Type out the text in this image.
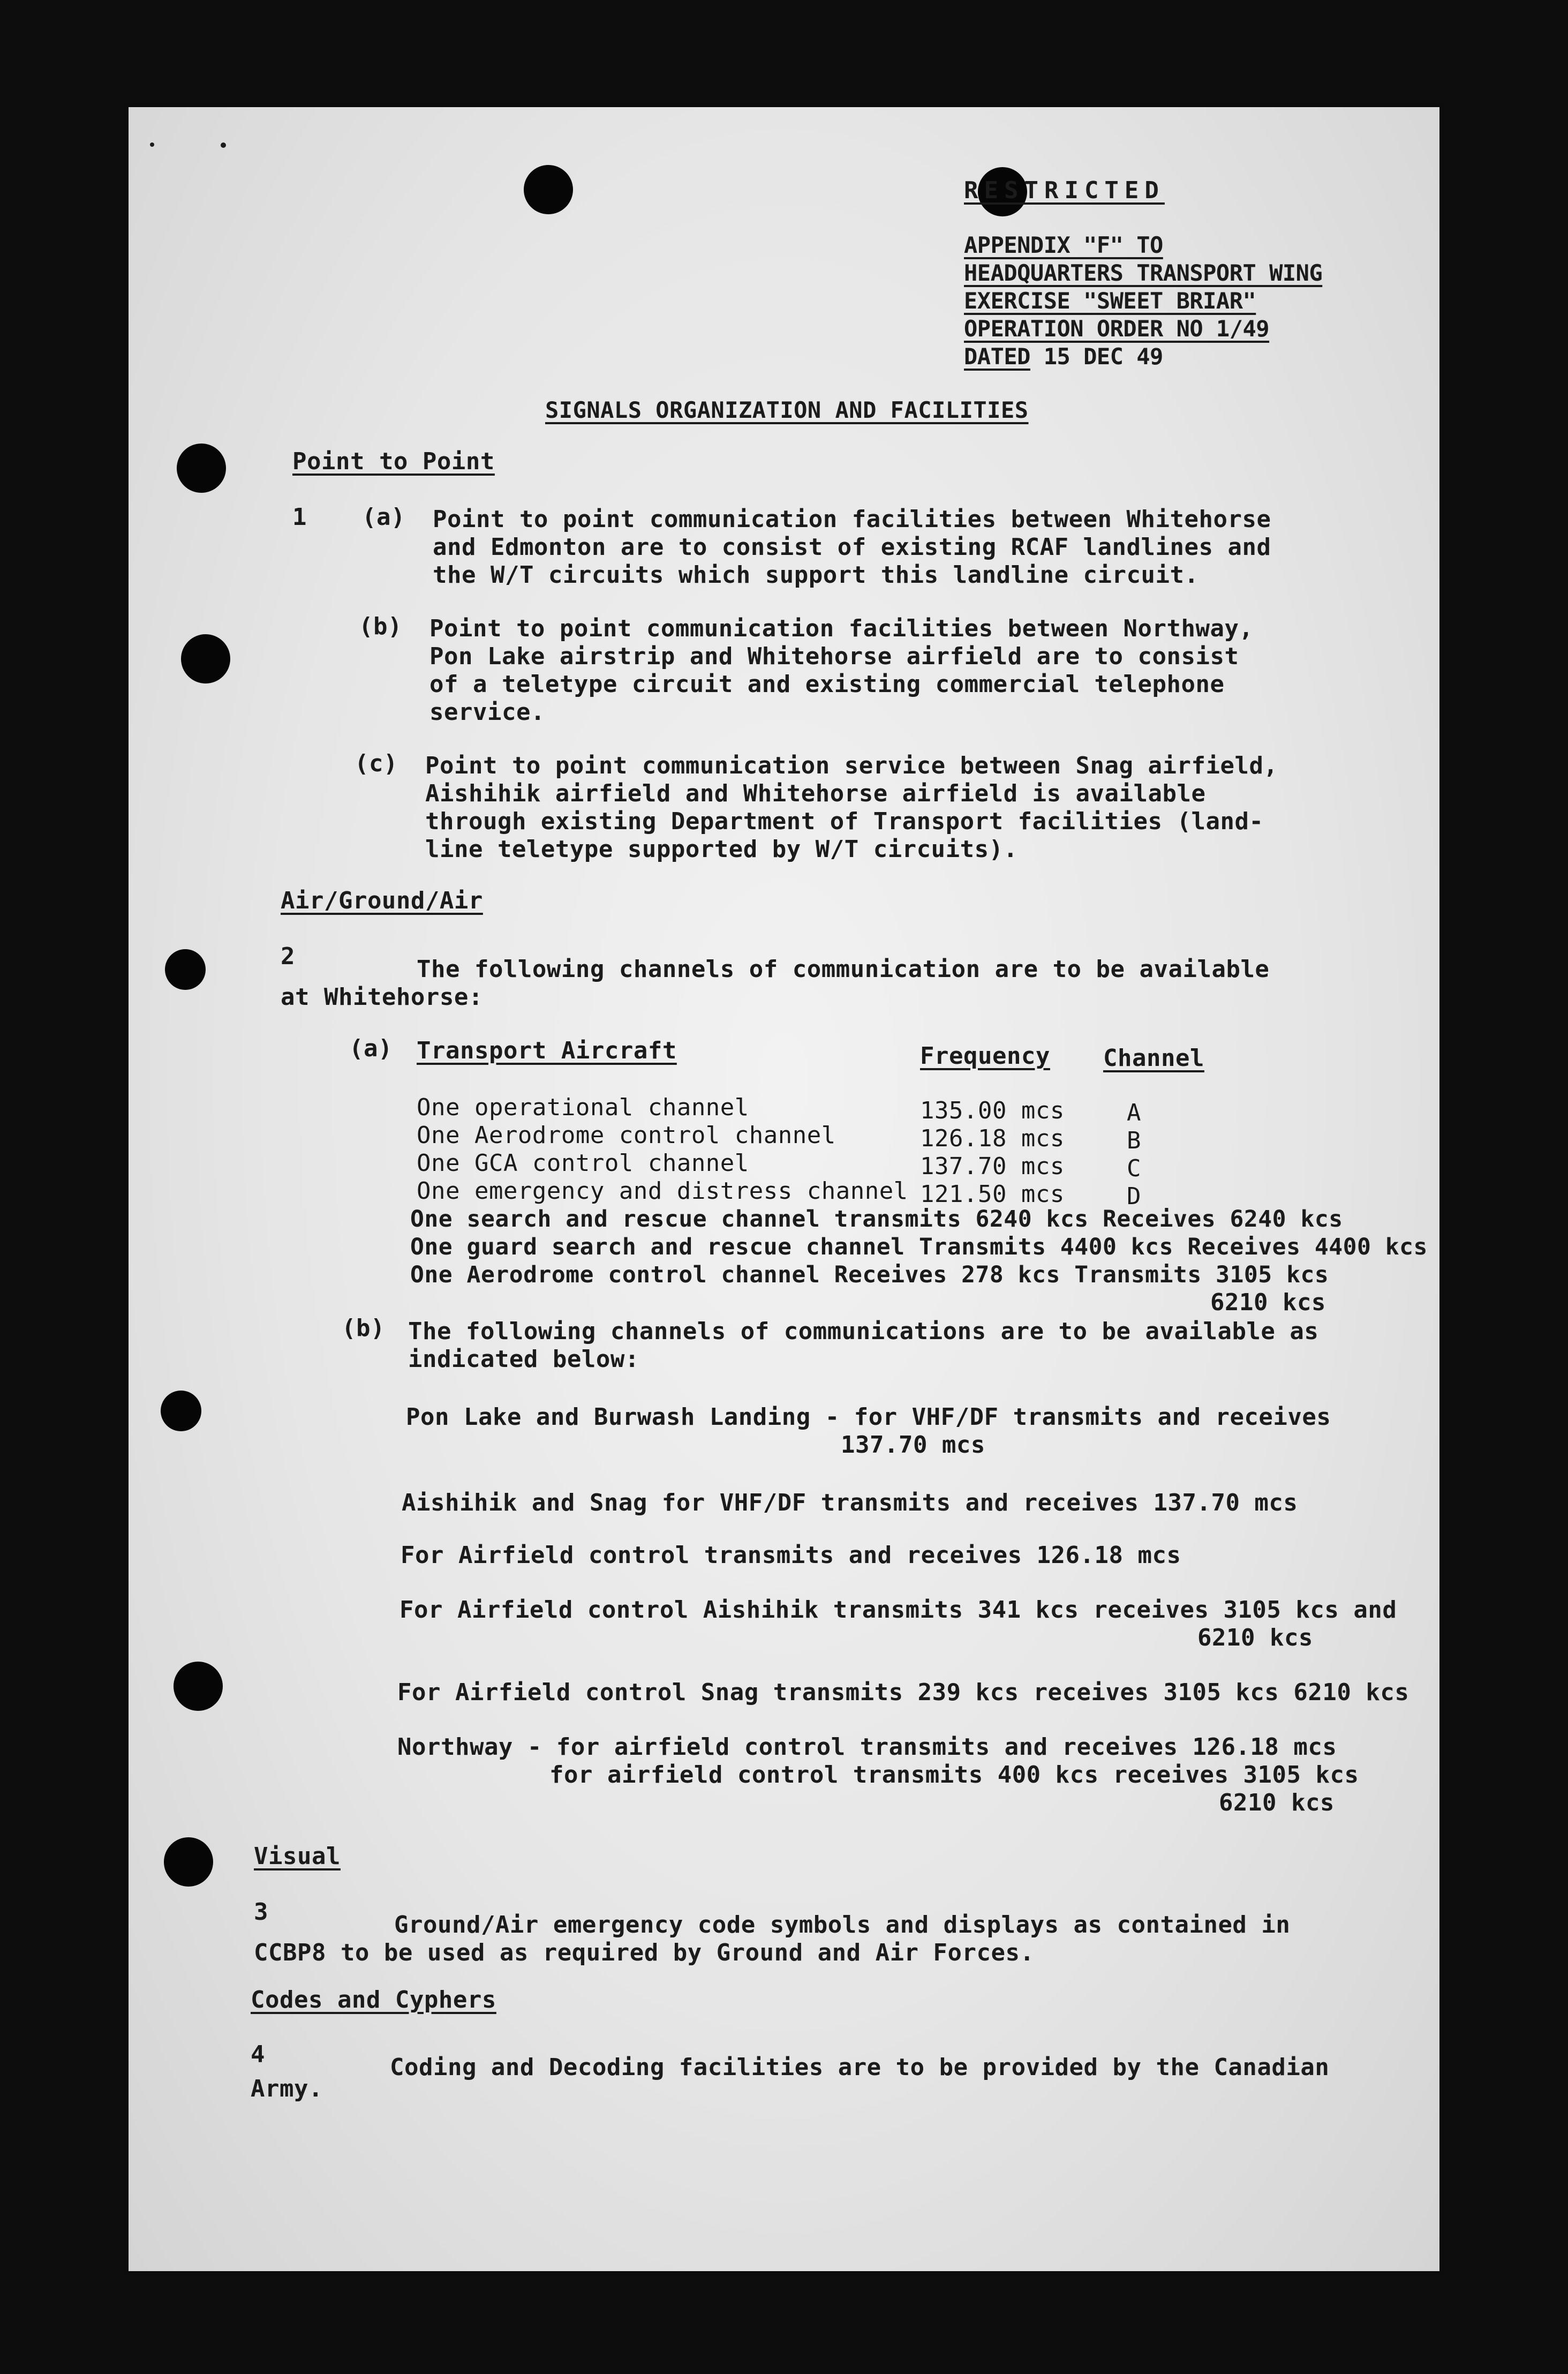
RESTRICTED
APPENDIX "F" TO
HEADQUARTERS TRANSPORT WING
EXERCISE "SWEET BRIAR"
OPERATION ORDER NO 1/49
DATED 15 DEC 49
SIGNALS ORGANIZATION AND FACILITIES
Point to Point
1 (a) Point to point communication facilities between Whitehorse
and Edmonton are to consist of existing RCAF landlines and
the W/T circuits which support this landline circuit.
(b) Point to point communication facilities between Northway,
Pon Lake airstrip and Whitehorse airfield are to consist
of a teletype circuit and existing commercial telephone
service.
(c) Point to point communication service between Snag airfield,
Aishihik airfield and Whitehorse airfield is available
through existing Department of Transport facilities (land-
line teletype supported by W/T circuits).
Air/Ground/Air
2	The following channels of communication are to be available
at Whitehorse:
(a) Transport Aircraft	Frequency Channel
One operational channel	135.00 mcs	A
One Aerodrome control channel	126.18 mcs	B
One GCA control channel	137.70 mcs	C
One emergency and distress channel 121.50 mcs	D
One search and rescue channel transmits 6240 kcs Receives 6240 kcs
One guard search and rescue channel Transmits 4400 kcs Receives 4400 kcs
One Aerodrome control channel Receives 278 kcs Transmits 3105 kcs
6210 kcs
(b) The following channels of communications are to be available as
indicated below:
Pon Lake and Burwash Landing - for VHF/DF transmits and receives
137.70 mcs
Aishihik and Snag for VHF/DF transmits and receives 137.70 mcs
For Airfield control transmits and receives 126.18 mcs
For Airfield control Aishihik transmits 341 kcs receives 3105 kcs and
6210 kcs
For Airfield control Snag transmits 239 kcs receives 3105 kcs 6210 kcs
Northway - for airfield control transmits and receives 126.18 mcs
for airfield control transmits 400 kcs receives 3105 kcs
6210 kcs
Visual
3	Ground/Air emergency code symbols and displays as contained in
CCBP8 to be used as required by Ground and Air Forces.
Codes and Cyphers
4	Coding and Decoding facilities are to be provided by the Canadian
Army.
